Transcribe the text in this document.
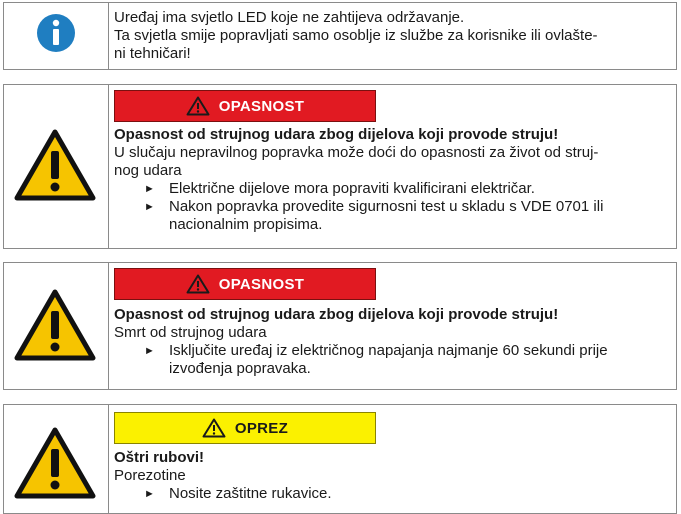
Uređaj ima svjetlo LED koje ne zahtijeva održavanje.

Ta svjetla smije popravljati samo osoblje iz službe za korisnike ili ovlašte-

ni tehničari!

OPASNOST

Opasnost od strujnog udara zbog dijelova koji provode struju!

U slučaju nepravilnog popravka može doći do opasnosti za život od struj-

nog udara

► Električne dijelove mora popraviti kvalificirani električar.
► Nakon popravka provedite sigurnosni test u skladu s VDE 0701 ili
nacionalnim propisima.
OPASNOST

Opasnost od strujnog udara zbog dijelova koji provode struju!

Smrt od strujnog udara

► Isključite uređaj iz električnog napajanja najmanje 60 sekundi prije
izvođenja popravaka.
OPREZ

Oštri rubovi!

Porezotine

► Nosite zaštitne rukavice.
